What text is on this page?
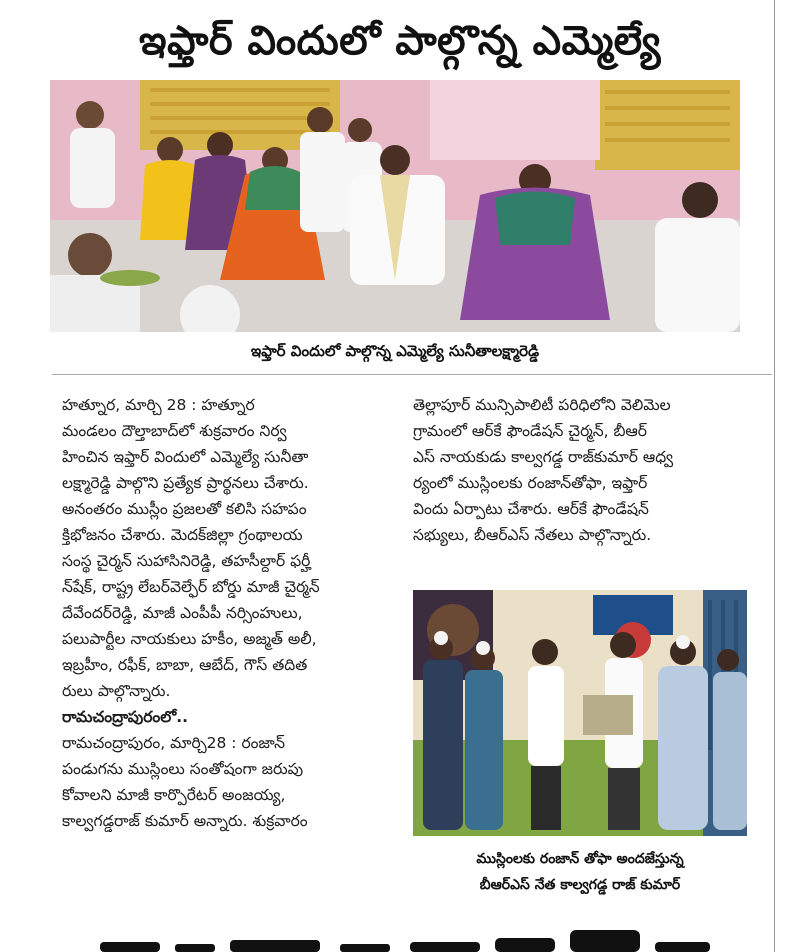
ఇఫ్తార్ విందులో పాల్గొన్న ఎమ్మెల్యే
ఇఫ్తార్ విందులో పాల్గొన్న ఎమ్మెల్యే సునీతాలక్ష్మారెడ్డి
హత్నూర, మార్చి 28 : హత్నూర
మండలం దౌల్తాబాద్‌లో శుక్రవారం నిర్వ
హించిన ఇఫ్తార్ విందులో ఎమ్మెల్యే సునీతా
లక్ష్మారెడ్డి పాల్గొని ప్రత్యేక ప్రార్థనలు చేశారు.
అనంతరం ముస్లీం ప్రజలతో కలిసి సహపం
క్తిభోజనం చేశారు. మెదక్‌జిల్లా గ్రంథాలయ
సంస్థ చైర్మన్ సుహాసినిరెడ్డి, తహసీల్దార్ ఫర్హీ
న్‌షేక్, రాష్ట్ర లేబర్‌వెల్ఫేర్ బోర్డు మాజీ చైర్మన్
దేవేందర్‌రెడ్డి, మాజీ ఎంపీపీ నర్సింహులు,
పలుపార్టీల నాయకులు హకీం, అజ్మత్ అలీ,
ఇబ్రహీం, రఫీక్, బాబా, ఆబేద్, గౌస్ తదిత
రులు పాల్గొన్నారు.
రామచంద్రాపురంలో..
రామచంద్రాపురం, మార్చి28 : రంజాన్
పండుగను ముస్లింలు సంతోషంగా జరుపు
కోవాలని మాజీ కార్పొరేటర్ అంజయ్య,
కాల్వగడ్డరాజ్ కుమార్ అన్నారు. శుక్రవారం
తెల్లాపూర్ మున్సిపాలిటీ పరిధిలోని వెలిమెల
గ్రామంలో ఆర్‌కే ఫౌండేషన్ చైర్మన్, బీఆర్
ఎస్ నాయకుడు కాల్వగడ్డ రాజ్‌కుమార్ ఆధ్వ
ర్యంలో ముస్లింలకు రంజాన్‌తోఫా, ఇఫ్తార్
విందు ఏర్పాటు చేశారు. ఆర్‌కే ఫౌండేషన్
సభ్యులు, బీఆర్ఎస్ నేతలు పాల్గొన్నారు.
ముస్లింలకు రంజాన్ తోఫా అందజేస్తున్న
బీఆర్ఎస్ నేత కాల్వగడ్డ రాజ్ కుమార్
